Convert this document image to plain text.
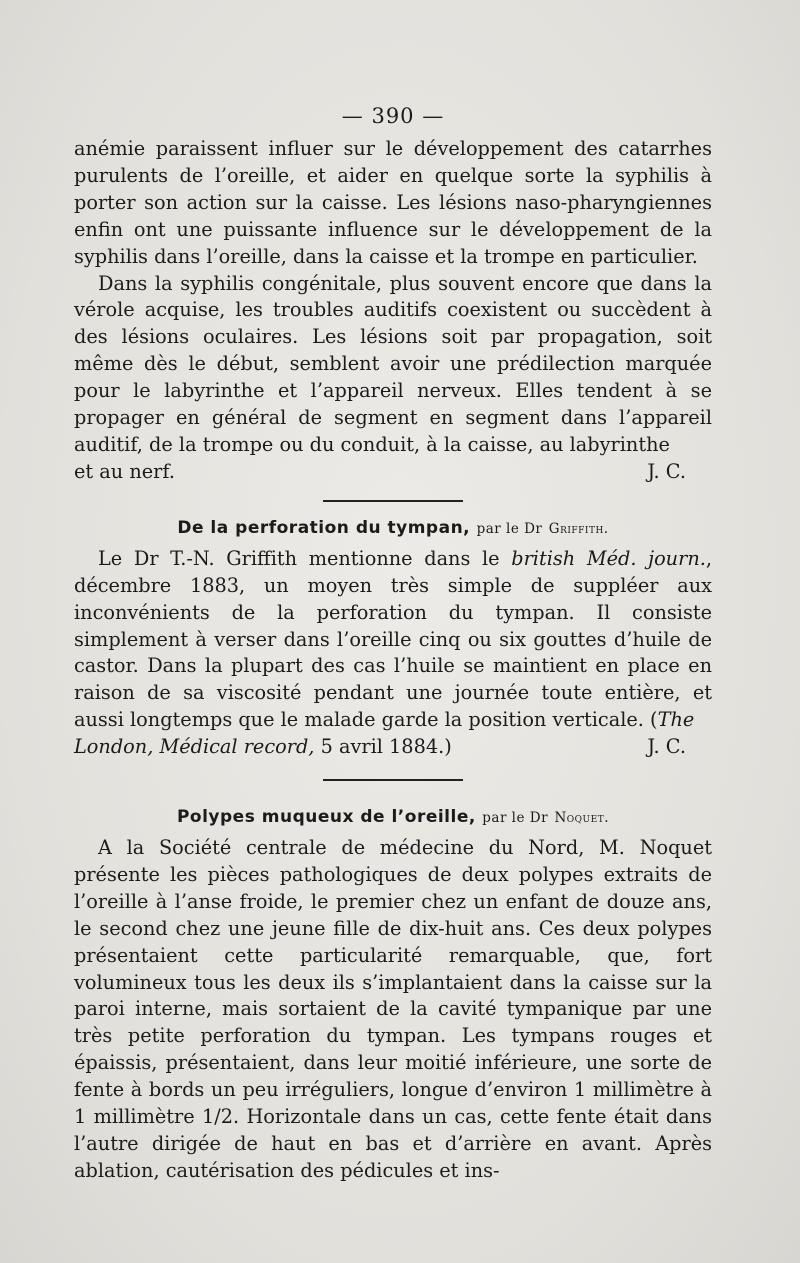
— 390 —

anémie paraissent influer sur le développement des catarrhes purulents de l’oreille, et aider en quelque sorte la syphilis à porter son action sur la caisse. Les lésions naso-pharyngiennes enfin ont une puissante influence sur le développement de la syphilis dans l’oreille, dans la caisse et la trompe en particulier.

Dans la syphilis congénitale, plus souvent encore que dans la vérole acquise, les troubles auditifs coexistent ou succèdent à des lésions oculaires. Les lésions soit par propagation, soit même dès le début, semblent avoir une prédilection marquée pour le labyrinthe et l’appareil nerveux. Elles tendent à se propager en général de segment en segment dans l’appareil auditif, de la trompe ou du conduit, à la caisse, au labyrinthe

et au nerf.	J. C.
De la perforation du tympan, par le Dr Griffith.

Le Dr T.-N. Griffith mentionne dans le british Méd. journ., décembre 1883, un moyen très simple de suppléer aux inconvénients de la perforation du tympan. Il consiste simplement à verser dans l’oreille cinq ou six gouttes d’huile de castor. Dans la plupart des cas l’huile se maintient en place en raison de sa viscosité pendant une journée toute entière, et aussi longtemps que le malade garde la position verticale. (The

London, Médical record, 5 avril 1884.)	J. C.
Polypes muqueux de l’oreille, par le Dr Noquet.

A la Société centrale de médecine du Nord, M. Noquet présente les pièces pathologiques de deux polypes extraits de l’oreille à l’anse froide, le premier chez un enfant de douze ans, le second chez une jeune fille de dix-huit ans. Ces deux polypes présentaient cette particularité remarquable, que, fort volumineux tous les deux ils s’implantaient dans la caisse sur la paroi interne, mais sortaient de la cavité tympanique par une très petite perforation du tympan. Les tympans rouges et épaissis, présentaient, dans leur moitié inférieure, une sorte de fente à bords un peu irréguliers, longue d’environ 1 millimètre à 1 millimètre 1/2. Horizontale dans un cas, cette fente était dans l’autre dirigée de haut en bas et d’arrière en avant. Après ablation, cautérisation des pédicules et ins-
